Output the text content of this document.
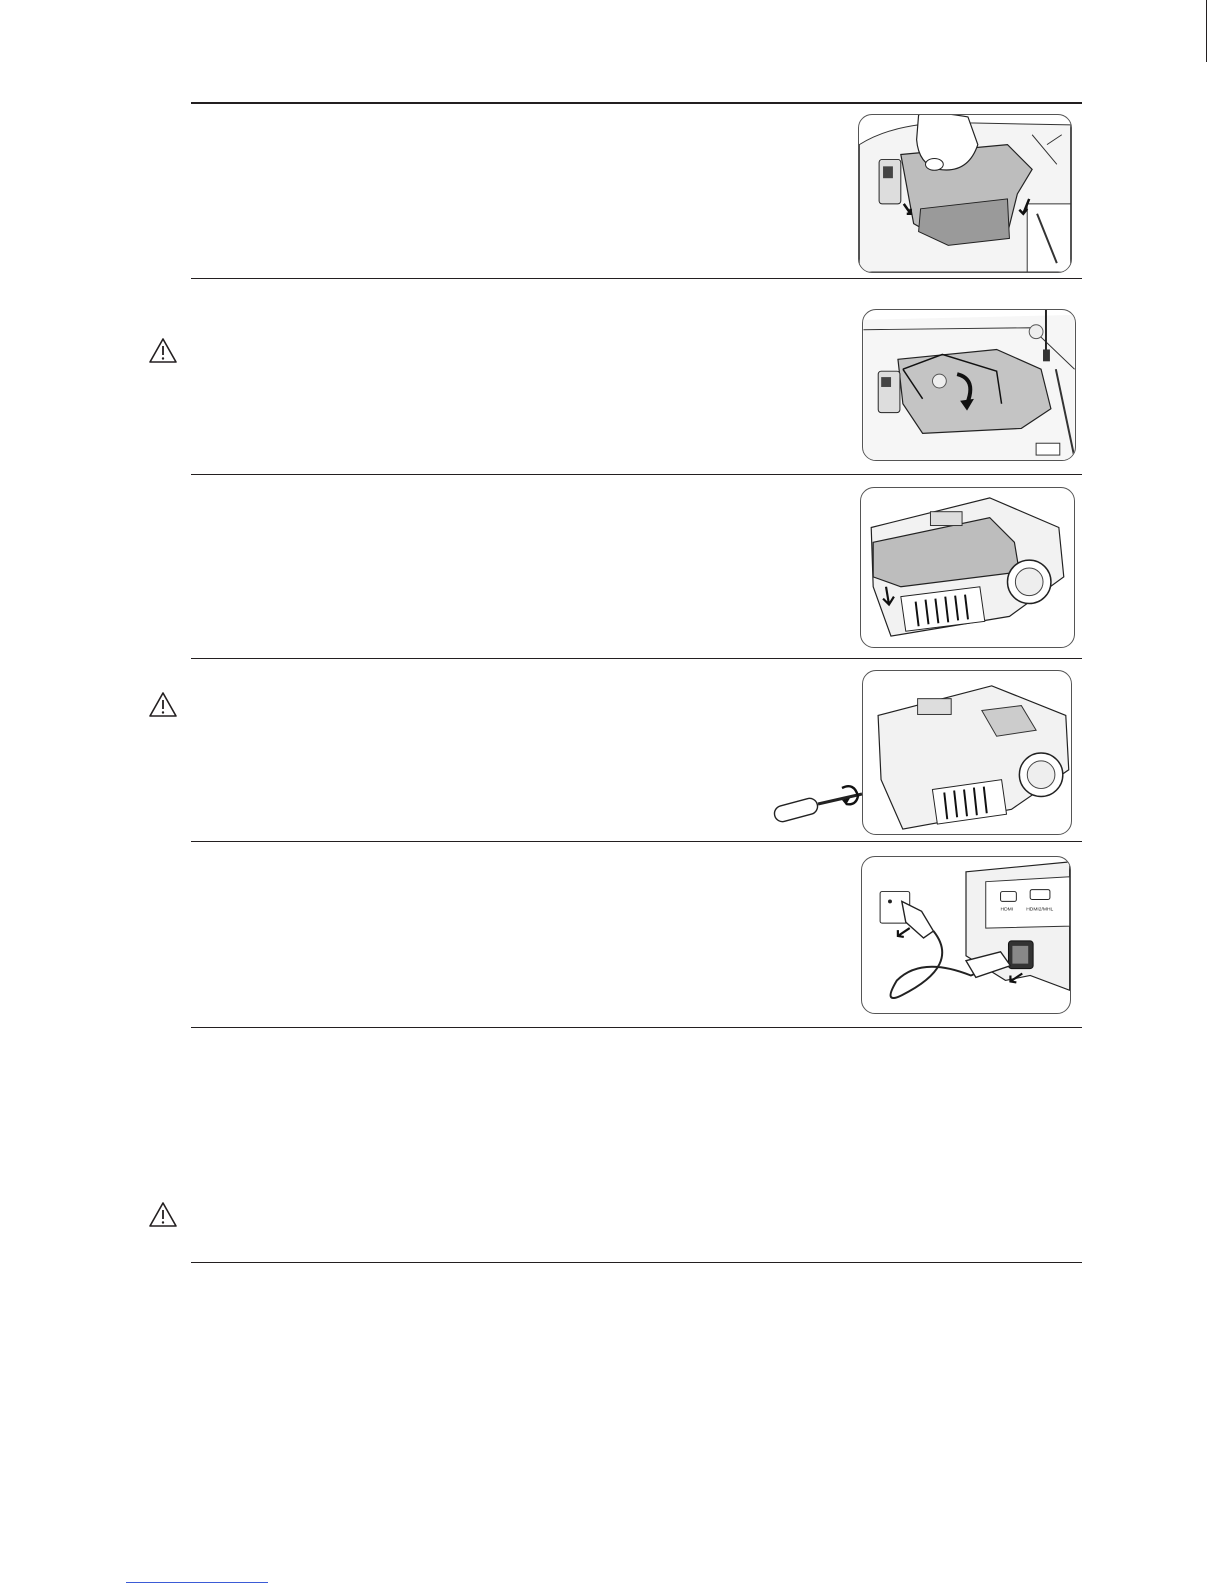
HDMI	HDMI2/MHL
